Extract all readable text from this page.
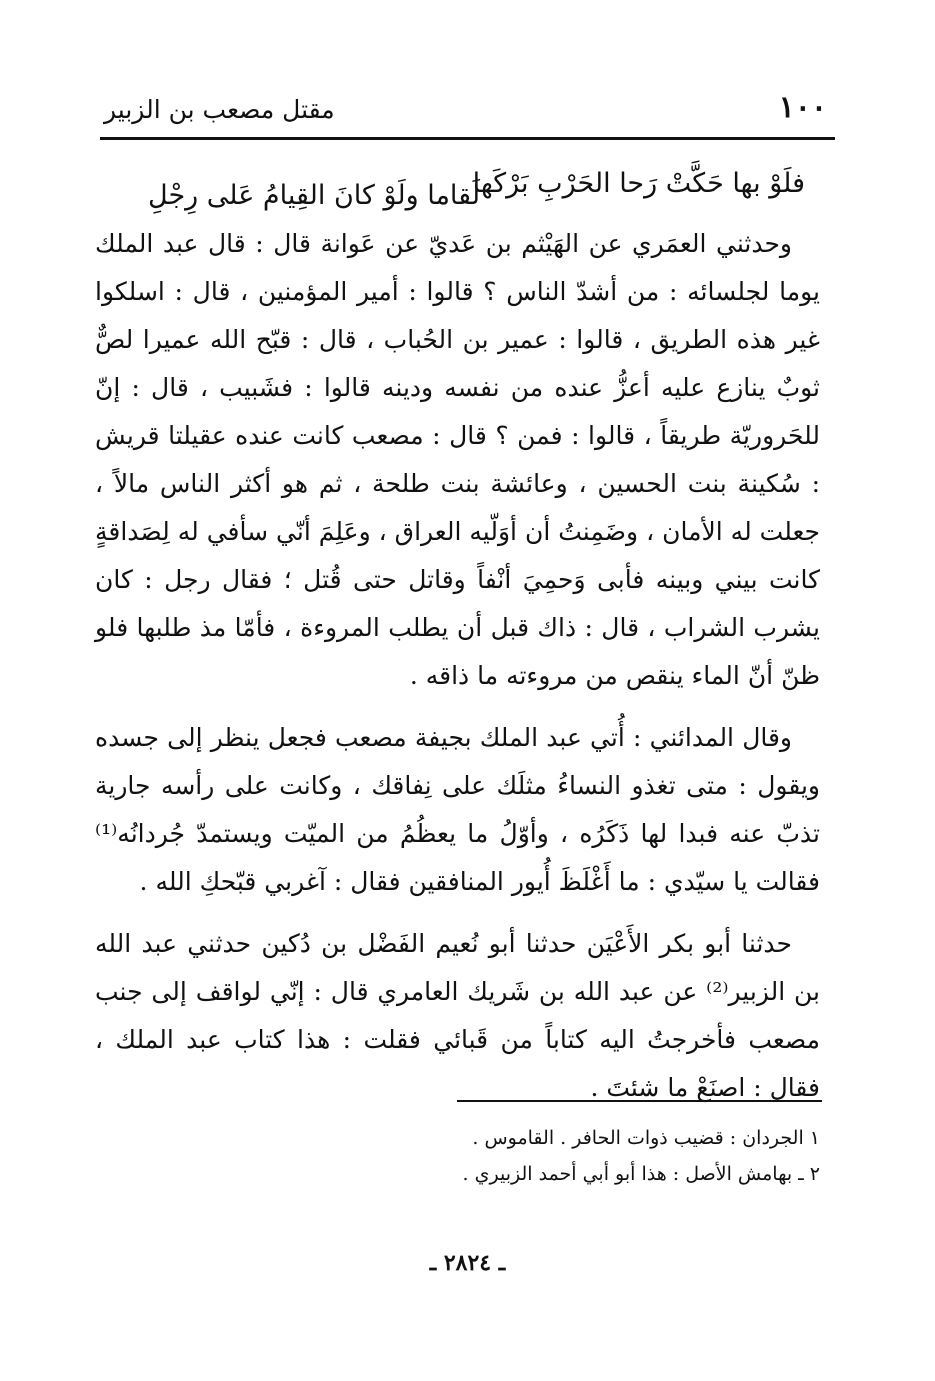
١٠٠
مقتل مصعب بن الزبير
فلَوْ بها حَكَّتْ رَحا الحَرْبِ بَرْكَها
لَقاما ولَوْ كانَ القِيامُ عَلى رِجْلِ

وحدثني العمَري عن الهَيْثم بن عَديّ عن عَوانة قال : قال عبد الملك يوما لجلسائه : من أشدّ الناس ؟ قالوا : أمير المؤمنين ، قال : اسلكوا غير هذه الطريق ، قالوا : عمير بن الحُباب ، قال : قبّح الله عميرا لصٌّ ثوبٌ ينازع عليه أعزُّ عنده من نفسه ودينه قالوا : فشَبيب ، قال : إنّ للحَروريّة طريقاً ، قالوا : فمن ؟ قال : مصعب كانت عنده عقيلتا قريش : سُكينة بنت الحسين ، وعائشة بنت طلحة ، ثم هو أكثر الناس مالاً ، جعلت له الأمان ، وضَمِنتُ أن أوَلّيه العراق ، وعَلِمَ أنّي سأفي له لِصَداقةٍ كانت بيني وبينه فأبى وَحمِيَ أنْفاً وقاتل حتى قُتل ؛ فقال رجل : كان يشرب الشراب ، قال : ذاك قبل أن يطلب المروءة ، فأمّا مذ طلبها فلو ظنّ أنّ الماء ينقص من مروءته ما ذاقه .

وقال المدائني : أُتي عبد الملك بجيفة مصعب فجعل ينظر إلى جسده ويقول : متى تغذو النساءُ مثلَك على نِفاقك ، وكانت على رأسه جارية تذبّ عنه فبدا لها ذَكَرُه ، وأوّلُ ما يعظُمُ من الميّت ويستمدّ جُردانُه⁽¹⁾ فقالت يا سيّدي : ما أَغْلَظَ أُيور المنافقين فقال : آغربي قبّحكِ الله .

حدثنا أبو بكر الأَعْيَن حدثنا أبو نُعيم الفَضْل بن دُكين حدثني عبد الله بن الزبير⁽²⁾ عن عبد الله بن شَريك العامري قال : إنّي لواقف إلى جنب مصعب فأخرجتُ اليه كتاباً من قَبائي فقلت : هذا كتاب عبد الملك ، فقال : اصنَعْ ما شئتَ .

١ الجردان : قضيب ذوات الحافر . القاموس .
٢ ـ بهامش الأصل : هذا أبو أبي أحمد الزبيري .
ـ ٢٨٢٤ ـ
